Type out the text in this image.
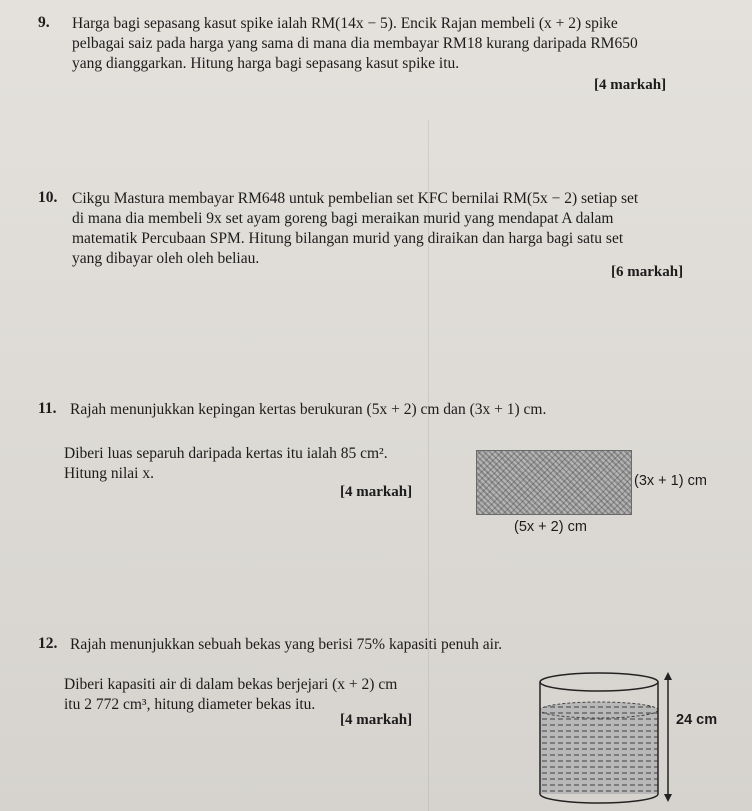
9. Harga bagi sepasang kasut spike ialah RM(14x − 5). Encik Rajan membeli (x + 2) spike
pelbagai saiz pada harga yang sama di mana dia membayar RM18 kurang daripada RM650
yang dianggarkan. Hitung harga bagi sepasang kasut spike itu.
[4 markah]
10. Cikgu Mastura membayar RM648 untuk pembelian set KFC bernilai RM(5x − 2) setiap set
di mana dia membeli 9x set ayam goreng bagi meraikan murid yang mendapat A dalam
matematik Percubaan SPM. Hitung bilangan murid yang diraikan dan harga bagi satu set
yang dibayar oleh oleh beliau.
[6 markah]
11. Rajah menunjukkan kepingan kertas berukuran (5x + 2) cm dan (3x + 1) cm.
Diberi luas separuh daripada kertas itu ialah 85 cm².
Hitung nilai x.
[4 markah]
(3x + 1) cm
(5x + 2) cm
12. Rajah menunjukkan sebuah bekas yang berisi 75% kapasiti penuh air.
Diberi kapasiti air di dalam bekas berjejari (x + 2) cm
itu 2 772 cm³, hitung diameter bekas itu.
[4 markah]	24 cm
